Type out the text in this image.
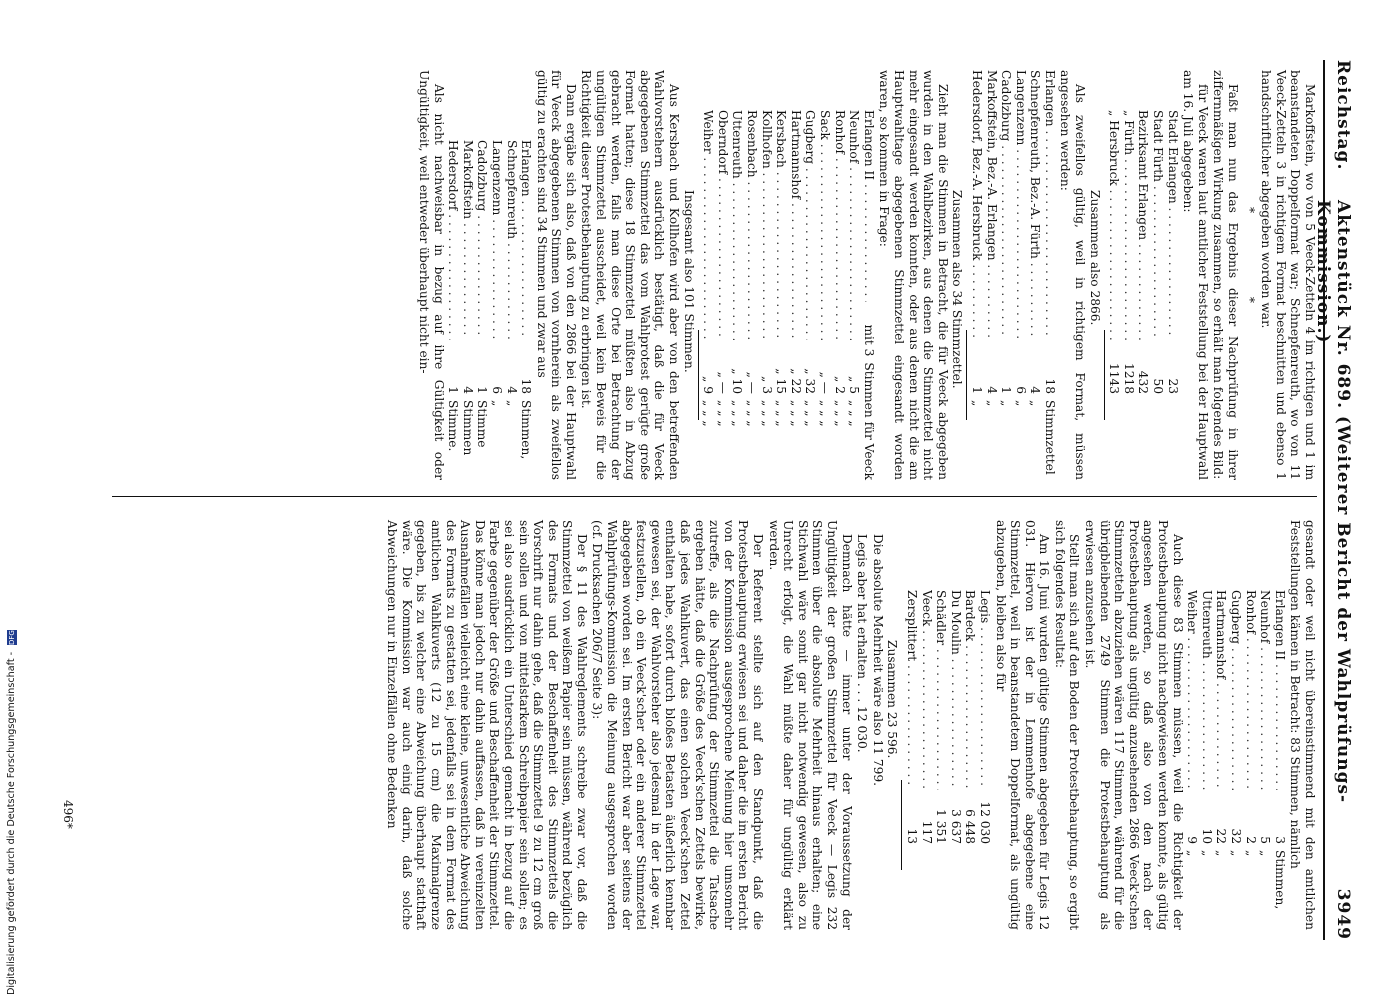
Reichstag.
Aktenstück Nr. 689. (Weiterer Bericht der Wahlprüfungs-Kommission.)
3949

Markoffstein, wo von 5 Veeck-Zetteln 4 im richtigen und 1 im beanstandeten Doppelformat war; Schnepfenreuth, wo von 11 Veeck-Zetteln 3 in richtigem Format beschnitten und ebenso 1 handschriftlicher abgegeben worden war.

* *

Faßt man nun das Ergebnis dieser Nachprüfung in ihrer ziffernmäßigen Wirkung zusammen, so erhält man folgendes Bild:

für Veeck waren laut amtlicher Feststellung bei der Hauptwahl am 16. Juli abgegeben:

Stadt Erlangen . . .
23
Stadt Fürth . . .
50
Bezirksamt Erlangen . . .
432
„ Fürth . . .
1218
„ Hersbruck . . .
1143
Zusammen also 2866.

Als zweifellos gültig, weil in richtigem Format, müssen angesehen werden:

Erlangen . . .
18
Stimmzettel
Schnepfenreuth, Bez.-A. Fürth . . .
4
„
Langenzenn . . .
6
„
Cadolzburg . . .
1
„
Markoffstein, Bez.-A. Erlangen . . .
4
„
Hedersdorf, Bez.-A. Hersbruck . . .
1
„
Zusammen also 34 Stimmzettel.

Zieht man die Stimmen in Betracht, die für Veeck abgegeben wurden in den Wahlbezirken, aus denen die Stimmzettel nicht mehr eingesandt werden konnten, oder aus denen nicht die am Hauptwahltage abgegebenen Stimmzettel eingesandt worden waren, so kommen in Frage:

Erlangen II . . .
mit 3
Stimmen für Veeck
Neunhof . . .
„ 5
„ „ „
Ronhof . . .
„ 2
„ „ „
Sack . . .
„ —
„ „ „
Gugberg . . .
„ 32
„ „ „
Hartmannshof . . .
„ 22
„ „ „
Kersbach . . .
„ 15
„ „ „
Kollhofen . . .
„ 3
„ „ „
Rosenbach . . .
„ —
„ „ „
Uttenreuth . . .
„ 10
„ „ „
Oberndorf . . .
„ —
„ „ „
Weiher . . .
„ 9
„ „ „
Insgesamt also 101 Stimmen.

Aus Kersbach und Kollhofen wird aber von den betreffenden Wahlvorstehern ausdrücklich bestätigt, daß die für Veeck abgegebenen Stimmzettel das vom Wahlprotest gerügte große Format hatten; diese 18 Stimmzettel müßten also in Abzug gebracht werden, falls man diese Orte bei Betrachtung der ungültigen Stimmzettel ausscheidet, weil kein Beweis für die Richtigkeit dieser Protestbehauptung zu erbringen ist.

Dann ergäbe sich also, daß von den 2866 bei der Hauptwahl für Veeck abgegebenen Stimmen von vornherein als zweifellos gültig zu erachten sind 34 Stimmen und zwar aus

Erlangen . . .
18
Stimmen,
Schnepfenreuth . . .
4
„
Langenzenn . . .
6
„
Cadolzburg . . .
1
Stimme
Markoffstein . . .
4
Stimmen
Hedersdorf . . .
1
Stimme.

Als nicht nachweisbar in bezug auf ihre Gültigkeit oder Ungültigkeit, weil entweder überhaupt nicht ein-

gesandt oder weil nicht übereinstimmend mit den amtlichen Feststellungen kämen in Betracht: 83 Stimmen, nämlich

Erlangen II . . .
3
Stimmen,
Neunhof . . .
5
„
Ronhof . . .
2
„
Gugberg . . .
32
„
Hartmannshof . . .
22
„
Uttenreuth . . .
10
„
Weiher . . .
9
„

Auch diese 83 Stimmen müssen, weil die Richtigkeit der Protestbehauptung nicht nachgewiesen werden konnte, als gültig angesehen werden, so daß also von den nach der Protestbehauptung als ungültig anzusehenden 2866 Veeck'schen Stimmzetteln abzuziehen wären 117 Stimmen, während für die übrigbleibenden 2749 Stimmen die Protestbehauptung als erwiesen anzusehen ist.

Stellt man sich auf den Boden der Protestbehauptung, so ergibt sich folgendes Resultat:

Am 16. Juni wurden gültige Stimmen abgegeben für Legis 12 031. Hiervon ist der in Lemmenhofe abgegebene eine Stimmzettel, weil in beanstandetem Doppelformat, als ungültig abzugeben, bleiben also für

Legis . . .
12 030
Bardeck . . .
6 448
Du Moulin . . .
3 637
Schädler . . .
1 351
Veeck . . .
117
Zersplittert . . .
13
Zusammen 23 596.

Die absolute Mehrheit wäre also 11 799.

Legis aber hat erhalten . . . 12 030.

Demnach hätte — immer unter der Voraussetzung der Ungültigkeit der großen Stimmzettel für Veeck — Legis 232 Stimmen über die absolute Mehrheit hinaus erhalten; eine Stichwahl wäre somit gar nicht notwendig gewesen, also zu Unrecht erfolgt, die Wahl müßte daher für ungültig erklärt werden.

Der Referent stellte sich auf den Standpunkt, daß die Protestbehauptung erwiesen sei und daher die im ersten Bericht von der Kommission ausgesprochene Meinung hier umsomehr zutreffe, als die Nachprüfung der Stimmzettel die Tatsache ergeben hätte, daß die Größe des Veeck'schen Zettels bewirke, daß jedes Wahlkuvert, das einen solchen Veeck'schen Zettel enthalten habe, sofort durch bloßes Betasten äußerlich kennbar gewesen sei, der Wahlvorsteher also jedesmal in der Lage war, festzustellen, ob ein Veeck'scher oder ein anderer Stimmzettel abgegeben worden sei. Im ersten Bericht war aber seitens der Wahlprüfungs-Kommission die Meinung ausgesprochen worden (cf. Drucksachen 206/7 Seite 3):

Der § 11 des Wahlreglements schreibe zwar vor, daß die Stimmzettel von weißem Papier sein müssen, während bezüglich des Formats und der Beschaffenheit des Stimmzettels die Vorschrift nur dahin gehe, daß die Stimmzettel 9 zu 12 cm groß sein sollen und von mittelstarkem Schreibpapier sein sollen; es sei also ausdrücklich ein Unterschied gemacht in bezug auf die Farbe gegenüber der Größe und Beschaffenheit der Stimmzettel. Das könne man jedoch nur dahin auffassen, daß in vereinzelten Ausnahmefällen vielleicht eine kleine, unwesentliche Abweichung des Formats zu gestatten sei, jedenfalls sei in dem Format des amtlichen Wahlkuverts (12 zu 15 cm) die Maximalgrenze gegeben, bis zu welcher eine Abweichung überhaupt statthaft wäre. Die Kommission war auch einig darin, daß solche Abweichungen nur in Einzelfällen ohne Bedenken

496*
Digitalisierung gefördert durch die Deutsche Forschungsgemeinschaft - DFG
